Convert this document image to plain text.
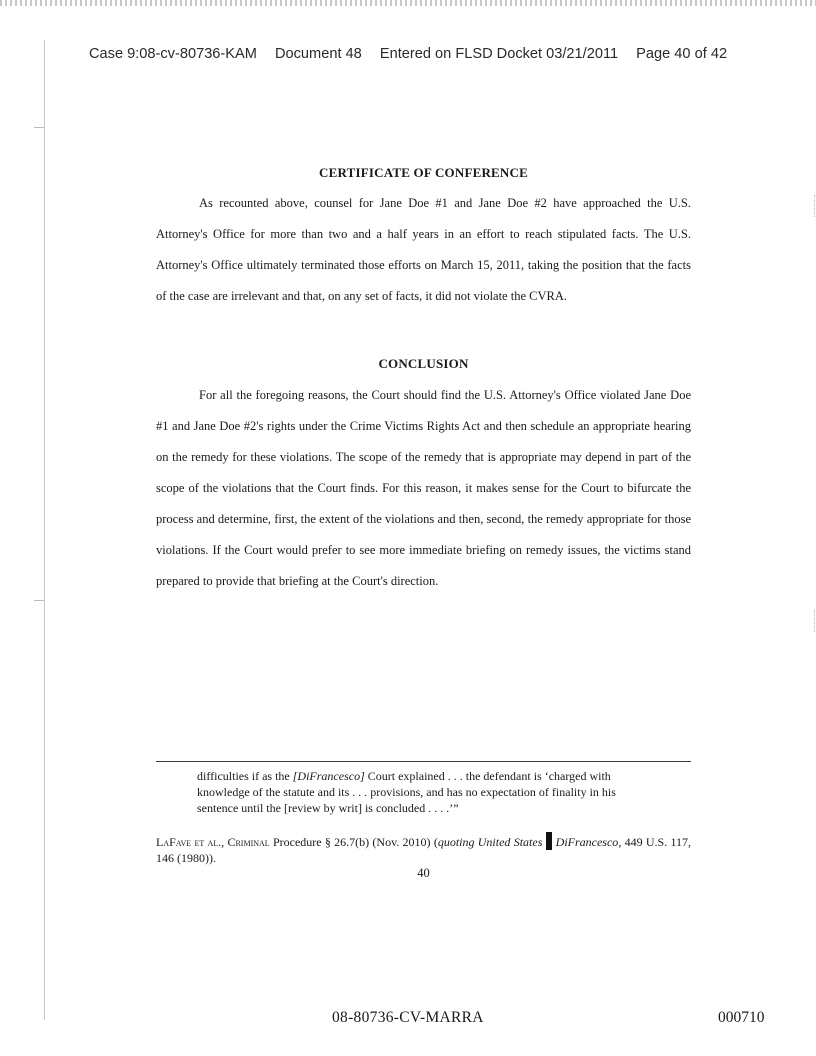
Case 9:08-cv-80736-KAM Document 48 Entered on FLSD Docket 03/21/2011 Page 40 of 42
CERTIFICATE OF CONFERENCE
As recounted above, counsel for Jane Doe #1 and Jane Doe #2 have approached the U.S. Attorney's Office for more than two and a half years in an effort to reach stipulated facts. The U.S. Attorney's Office ultimately terminated those efforts on March 15, 2011, taking the position that the facts of the case are irrelevant and that, on any set of facts, it did not violate the CVRA.
CONCLUSION
For all the foregoing reasons, the Court should find the U.S. Attorney's Office violated Jane Doe #1 and Jane Doe #2's rights under the Crime Victims Rights Act and then schedule an appropriate hearing on the remedy for these violations. The scope of the remedy that is appropriate may depend in part of the scope of the violations that the Court finds. For this reason, it makes sense for the Court to bifurcate the process and determine, first, the extent of the violations and then, second, the remedy appropriate for those violations. If the Court would prefer to see more immediate briefing on remedy issues, the victims stand prepared to provide that briefing at the Court's direction.
difficulties if as the [DiFrancesco] Court explained . . . the defendant is ‘charged with knowledge of the statute and its . . . provisions, and has no expectation of finality in his sentence until the [review by writ] is concluded . . . .’”
LaFave et al., Criminal Procedure § 26.7(b) (Nov. 2010) (quoting United States DiFrancesco, 449 U.S. 117, 146 (1980)).
40
08-80736-CV-MARRA	000710
